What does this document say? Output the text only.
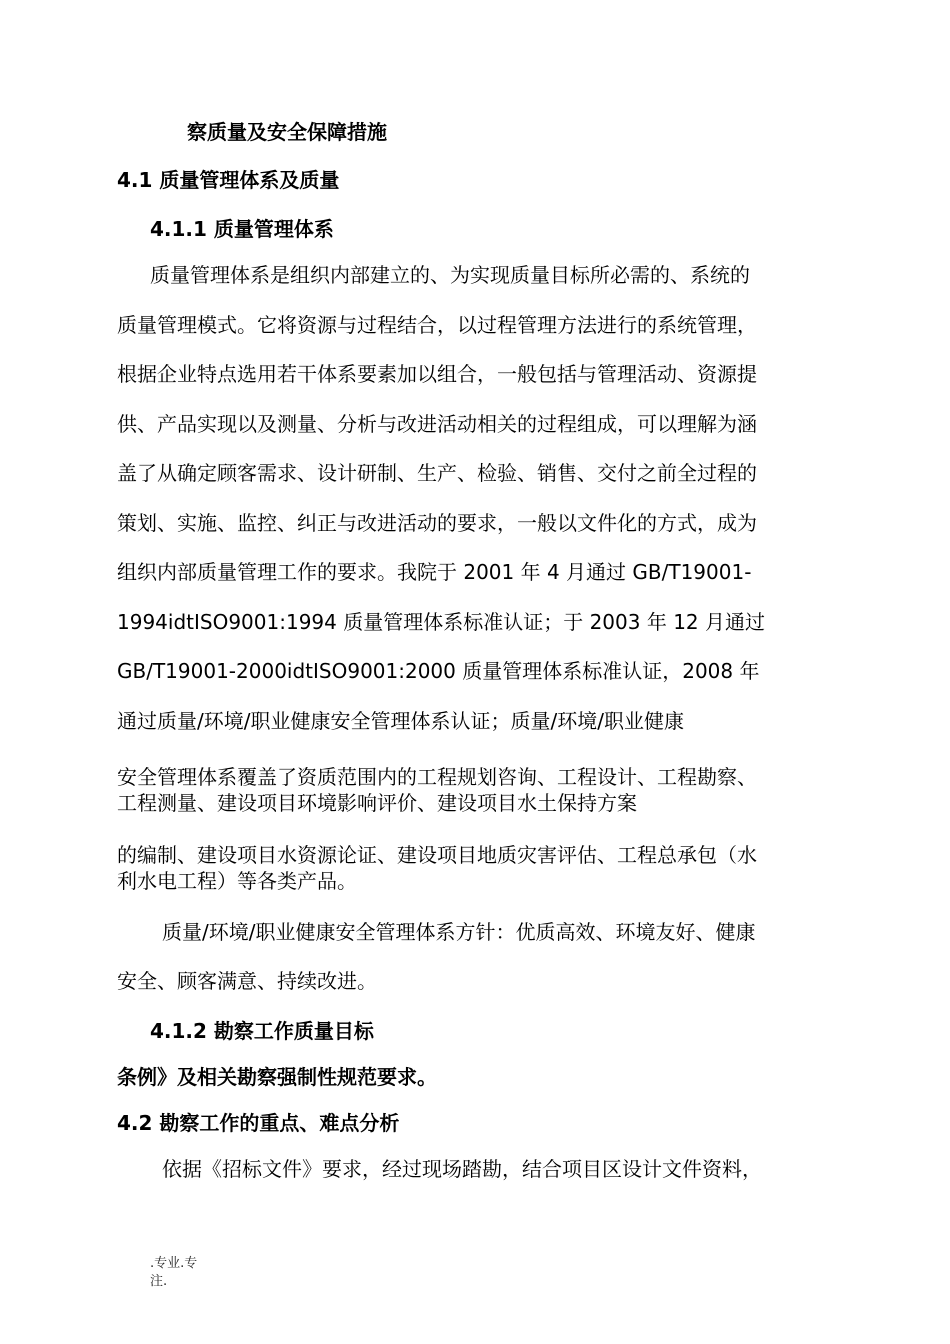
察质量及安全保障措施
4.1 质量管理体系及质量
4.1.1 质量管理体系
质量管理体系是组织内部建立的、为实现质量目标所必需的、系统的
质量管理模式。它将资源与过程结合，以过程管理方法进行的系统管理，
根据企业特点选用若干体系要素加以组合，一般包括与管理活动、资源提
供、产品实现以及测量、分析与改进活动相关的过程组成，可以理解为涵
盖了从确定顾客需求、设计研制、生产、检验、销售、交付之前全过程的
策划、实施、监控、纠正与改进活动的要求，一般以文件化的方式，成为
组织内部质量管理工作的要求。我院于 2001 年 4 月通过 GB/T19001-
1994idtISO9001:1994 质量管理体系标准认证；于 2003 年 12 月通过
GB/T19001-2000idtISO9001:2000 质量管理体系标准认证，2008 年
通过质量/环境/职业健康安全管理体系认证；质量/环境/职业健康
安全管理体系覆盖了资质范围内的工程规划咨询、工程设计、工程勘察、
工程测量、建设项目环境影响评价、建设项目水土保持方案
的编制、建设项目水资源论证、建设项目地质灾害评估、工程总承包（水
利水电工程）等各类产品。
质量/环境/职业健康安全管理体系方针：优质高效、环境友好、健康
安全、顾客满意、持续改进。
4.1.2 勘察工作质量目标
条例》及相关勘察强制性规范要求。
4.2 勘察工作的重点、难点分析
依据《招标文件》要求，经过现场踏勘，结合项目区设计文件资料，
.专业.专
注.
